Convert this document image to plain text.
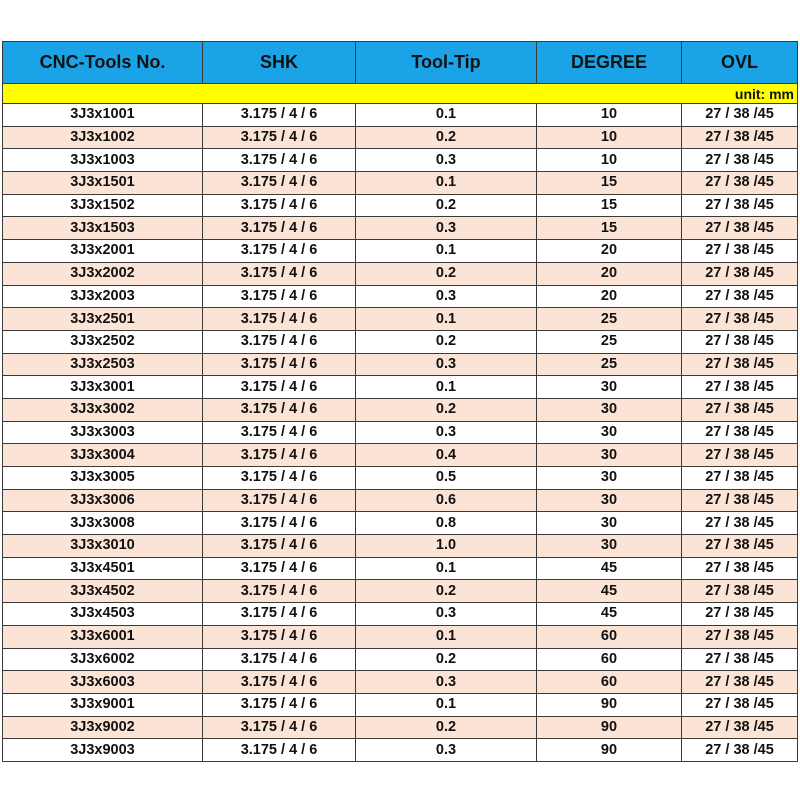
CNC-Tools No.	SHK	Tool-Tip	DEGREE	OVL
unit: mm				
3J3x1001	3.175 / 4 / 6	0.1	10	27 / 38 /45
3J3x1002	3.175 / 4 / 6	0.2	10	27 / 38 /45
3J3x1003	3.175 / 4 / 6	0.3	10	27 / 38 /45
3J3x1501	3.175 / 4 / 6	0.1	15	27 / 38 /45
3J3x1502	3.175 / 4 / 6	0.2	15	27 / 38 /45
3J3x1503	3.175 / 4 / 6	0.3	15	27 / 38 /45
3J3x2001	3.175 / 4 / 6	0.1	20	27 / 38 /45
3J3x2002	3.175 / 4 / 6	0.2	20	27 / 38 /45
3J3x2003	3.175 / 4 / 6	0.3	20	27 / 38 /45
3J3x2501	3.175 / 4 / 6	0.1	25	27 / 38 /45
3J3x2502	3.175 / 4 / 6	0.2	25	27 / 38 /45
3J3x2503	3.175 / 4 / 6	0.3	25	27 / 38 /45
3J3x3001	3.175 / 4 / 6	0.1	30	27 / 38 /45
3J3x3002	3.175 / 4 / 6	0.2	30	27 / 38 /45
3J3x3003	3.175 / 4 / 6	0.3	30	27 / 38 /45
3J3x3004	3.175 / 4 / 6	0.4	30	27 / 38 /45
3J3x3005	3.175 / 4 / 6	0.5	30	27 / 38 /45
3J3x3006	3.175 / 4 / 6	0.6	30	27 / 38 /45
3J3x3008	3.175 / 4 / 6	0.8	30	27 / 38 /45
3J3x3010	3.175 / 4 / 6	1.0	30	27 / 38 /45
3J3x4501	3.175 / 4 / 6	0.1	45	27 / 38 /45
3J3x4502	3.175 / 4 / 6	0.2	45	27 / 38 /45
3J3x4503	3.175 / 4 / 6	0.3	45	27 / 38 /45
3J3x6001	3.175 / 4 / 6	0.1	60	27 / 38 /45
3J3x6002	3.175 / 4 / 6	0.2	60	27 / 38 /45
3J3x6003	3.175 / 4 / 6	0.3	60	27 / 38 /45
3J3x9001	3.175 / 4 / 6	0.1	90	27 / 38 /45
3J3x9002	3.175 / 4 / 6	0.2	90	27 / 38 /45
3J3x9003	3.175 / 4 / 6	0.3	90	27 / 38 /45
